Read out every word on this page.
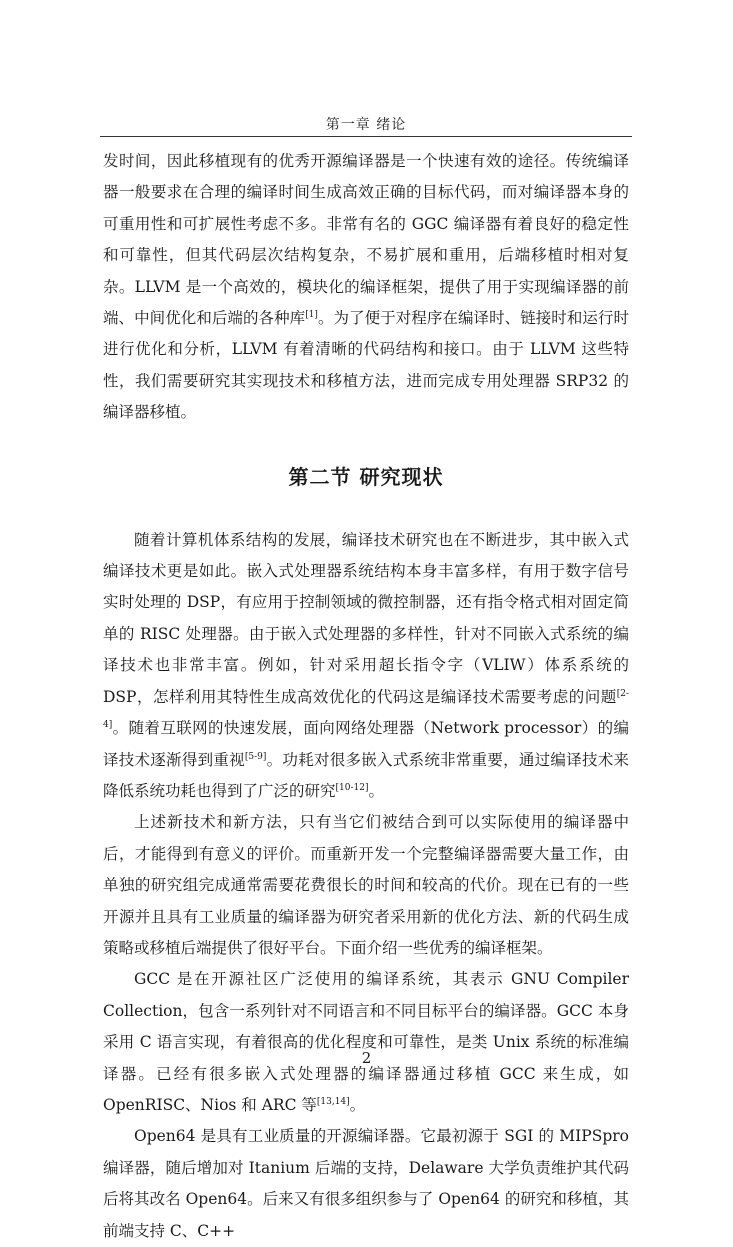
第一章 绪论

发时间，因此移植现有的优秀开源编译器是一个快速有效的途径。传统编译器一般要求在合理的编译时间生成高效正确的目标代码，而对编译器本身的可重用性和可扩展性考虑不多。非常有名的 GGC 编译器有着良好的稳定性和可靠性，但其代码层次结构复杂，不易扩展和重用，后端移植时相对复杂。LLVM 是一个高效的，模块化的编译框架，提供了用于实现编译器的前端、中间优化和后端的各种库[1]。为了便于对程序在编译时、链接时和运行时进行优化和分析，LLVM 有着清晰的代码结构和接口。由于 LLVM 这些特性，我们需要研究其实现技术和移植方法，进而完成专用处理器 SRP32 的编译器移植。

第二节 研究现状

随着计算机体系结构的发展，编译技术研究也在不断进步，其中嵌入式编译技术更是如此。嵌入式处理器系统结构本身丰富多样，有用于数字信号实时处理的 DSP，有应用于控制领域的微控制器，还有指令格式相对固定简单的 RISC 处理器。由于嵌入式处理器的多样性，针对不同嵌入式系统的编译技术也非常丰富。例如，针对采用超长指令字（VLIW）体系系统的 DSP，怎样利用其特性生成高效优化的代码这是编译技术需要考虑的问题[2-4]。随着互联网的快速发展，面向网络处理器（Network processor）的编译技术逐渐得到重视[5-9]。功耗对很多嵌入式系统非常重要，通过编译技术来降低系统功耗也得到了广泛的研究[10-12]。

上述新技术和新方法，只有当它们被结合到可以实际使用的编译器中后，才能得到有意义的评价。而重新开发一个完整编译器需要大量工作，由单独的研究组完成通常需要花费很长的时间和较高的代价。现在已有的一些开源并且具有工业质量的编译器为研究者采用新的优化方法、新的代码生成策略或移植后端提供了很好平台。下面介绍一些优秀的编译框架。

GCC 是在开源社区广泛使用的编译系统，其表示 GNU Compiler Collection，包含一系列针对不同语言和不同目标平台的编译器。GCC 本身采用 C 语言实现，有着很高的优化程度和可靠性，是类 Unix 系统的标准编译器。已经有很多嵌入式处理器的编译器通过移植 GCC 来生成，如 OpenRISC、Nios 和 ARC 等[13,14]。

Open64 是具有工业质量的开源编译器。它最初源于 SGI 的 MIPSpro 编译器，随后增加对 Itanium 后端的支持，Delaware 大学负责维护其代码后将其改名 Open64。后来又有很多组织参与了 Open64 的研究和移植，其前端支持 C、C++

2
